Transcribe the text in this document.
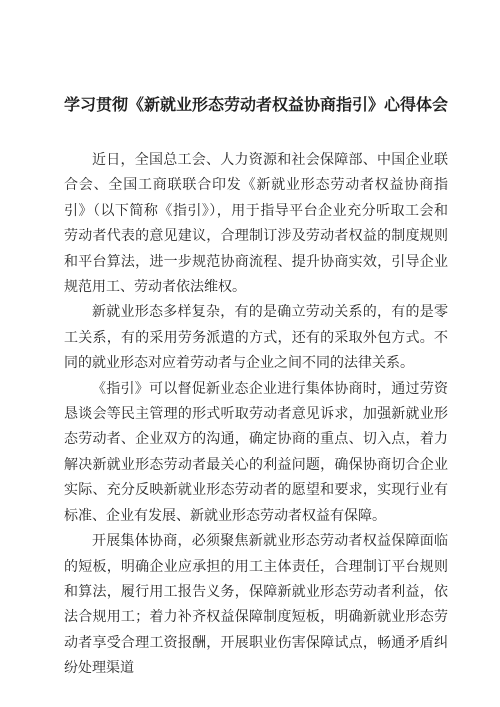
学习贯彻《新就业形态劳动者权益协商指引》心得体会

近日，全国总工会、人力资源和社会保障部、中国企业联合会、全国工商联联合印发《新就业形态劳动者权益协商指引》（以下简称《指引》），用于指导平台企业充分听取工会和劳动者代表的意见建议，合理制订涉及劳动者权益的制度规则和平台算法，进一步规范协商流程、提升协商实效，引导企业规范用工、劳动者依法维权。

新就业形态多样复杂，有的是确立劳动关系的，有的是零工关系，有的采用劳务派遣的方式，还有的采取外包方式。不同的就业形态对应着劳动者与企业之间不同的法律关系。

《指引》可以督促新业态企业进行集体协商时，通过劳资恳谈会等民主管理的形式听取劳动者意见诉求，加强新就业形态劳动者、企业双方的沟通，确定协商的重点、切入点，着力解决新就业形态劳动者最关心的利益问题，确保协商切合企业实际、充分反映新就业形态劳动者的愿望和要求，实现行业有标准、企业有发展、新就业形态劳动者权益有保障。

开展集体协商，必须聚焦新就业形态劳动者权益保障面临的短板，明确企业应承担的用工主体责任，合理制订平台规则和算法，履行用工报告义务，保障新就业形态劳动者利益，依法合规用工；着力补齐权益保障制度短板，明确新就业形态劳动者享受合理工资报酬，开展职业伤害保障试点，畅通矛盾纠纷处理渠道
